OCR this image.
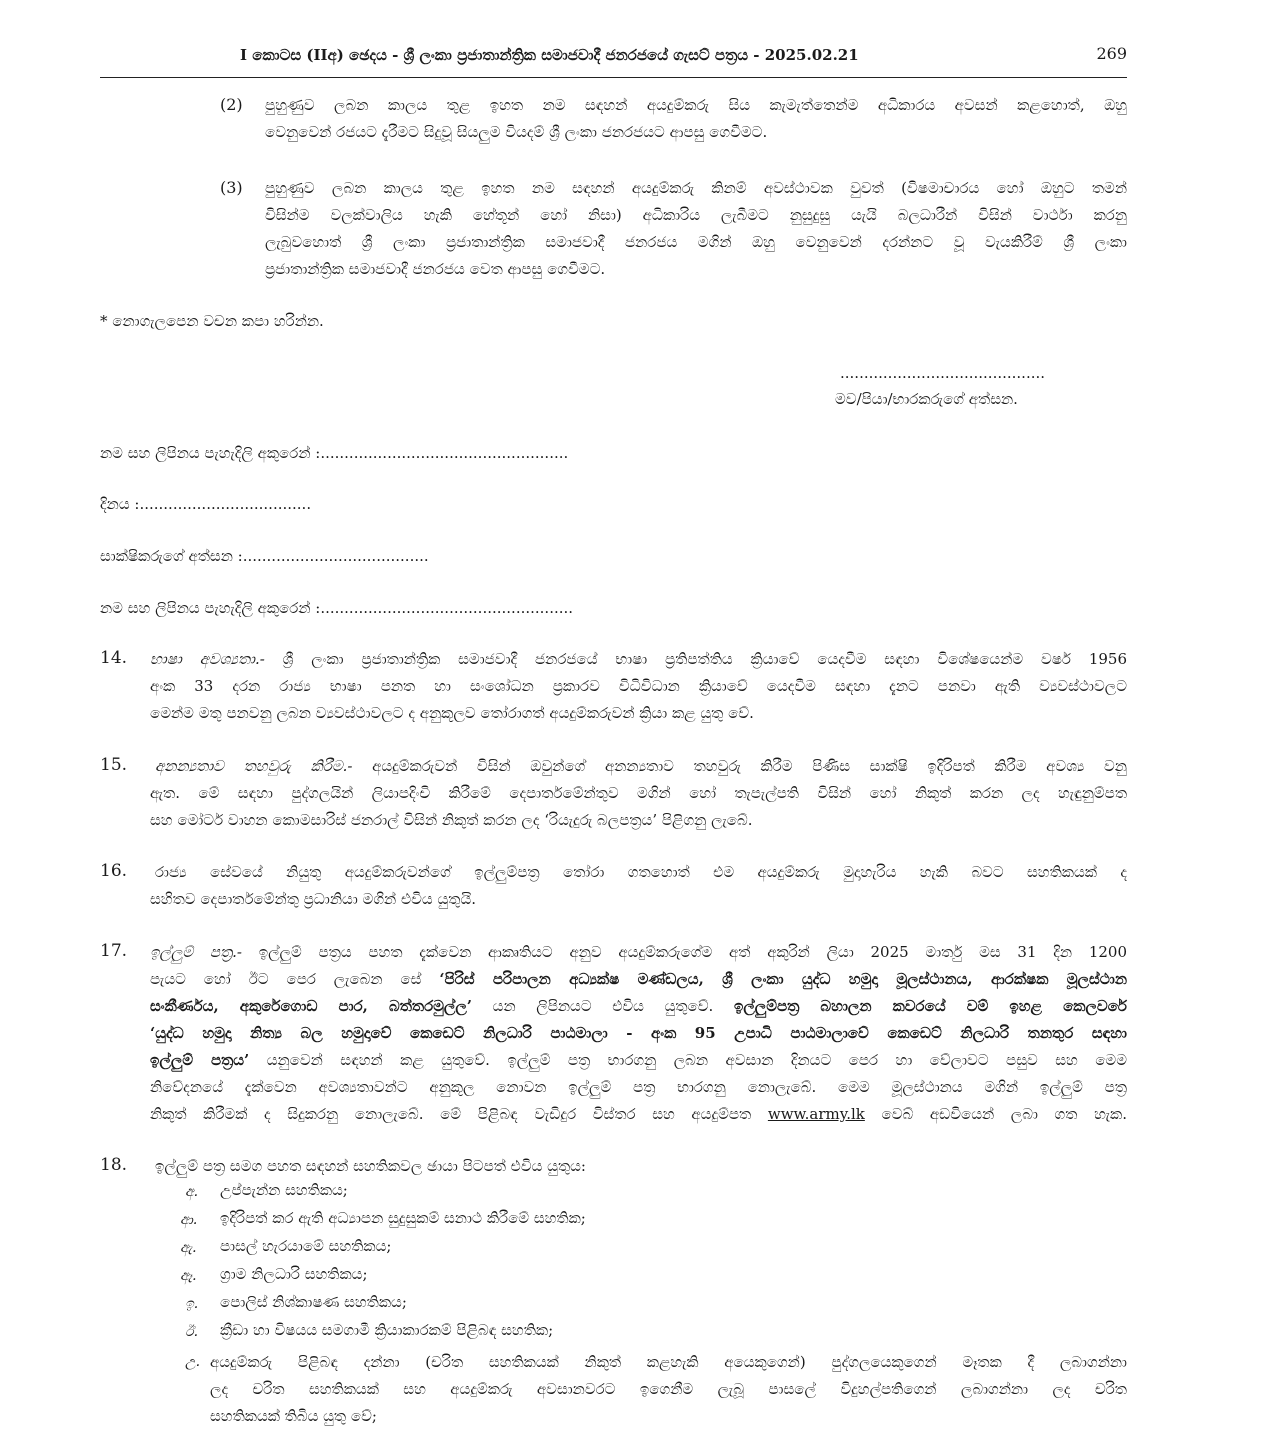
I කොටස (IIඅ) ඡෙදය - ශ්‍රී ලංකා ප්‍රජාතාන්ත්‍රික සමාජවාදී ජනරජයේ ගැසට් පත්‍රය - 2025.02.21	269
(2) පුහුණුව ලබන කාලය තුළ ඉහත නම සඳහන් අයදුම්කරු සිය කැමැත්තෙන්ම අධිකාරය අවසන් කළහොත්, ඔහු
වෙනුවෙන් රජයට දැරීමට සිදුවූ සියලුම වියදම් ශ්‍රී ලංකා ජනරජයට ආපසු ගෙවීමට.
(3) පුහුණුව ලබන කාලය තුළ ඉහත නම සඳහන් අයදුම්කරු කිනම් අවස්ථාවක වුවත් (විෂමාචාරය හෝ ඔහුට තමන්
විසින්ම වලක්වාලිය හැකි හේතූන් හෝ නිසා) අධිකාරිය ලැබීමට නුසුදුසු යැයි බලධාරීන් විසින් වාර්ථා කරනු
ලැබුවහොත් ශ්‍රී ලංකා ප්‍රජාතාන්ත්‍රික සමාජවාදී ජනරජය මගින් ඔහු වෙනුවෙන් දරන්නට වූ වැයකිරීම් ශ්‍රී ලංකා
ප්‍රජාතාන්ත්‍රික සමාජවාදී ජනරජය වෙත ආපසු ගෙවීමට.
* නොගැලපෙන වචන කපා හරින්න.
...........................................
මව/පියා/භාරකරුගේ අත්සන.
නම සහ ලිපිනය පැහැදිලි අකුරෙන් :....................................................
දිනය :....................................
සාක්ෂිකරුගේ අත්සන :.......................................
නම සහ ලිපිනය පැහැදිලි අකුරෙන් :.....................................................
14. භාෂා අවශ්‍යතා.- ශ්‍රී ලංකා ප්‍රජාතාන්ත්‍රික සමාජවාදී ජනරජයේ භාෂා ප්‍රතිපත්තිය ක්‍රියාවේ යෙදවීම සඳහා විශේෂයෙන්ම වර්ෂ 1956
අංක 33 දරන රාජ්‍ය භාෂා පනත හා සංශෝධන ප්‍රකාරව විධිවිධාන ක්‍රියාවේ යෙදවීම සඳහා දැනට පනවා ඇති ව්‍යවස්ථාවලට
මෙන්ම මතු පනවනු ලබන ව්‍යවස්ථාවලට ද අනුකූලව තෝරාගත් අයදුම්කරුවන් ක්‍රියා කළ යුතු වේ.
15. අනන්‍යතාව තහවුරු කිරීම.- අයදුම්කරුවන් විසින් ඔවුන්ගේ අනන්‍යතාව තහවුරු කිරීම පිණිස සාක්ෂි ඉදිරිපත් කිරීම අවශ්‍ය වනු
ඇත. මේ සඳහා පුද්ගලයින් ලියාපදිංචි කිරීමේ දෙපාර්තමේන්තුව මගින් හෝ තැපැල්පති විසින් හෝ නිකුත් කරන ලද හැඳුනුම්පත
සහ මෝටර් වාහන කොමසාරිස් ජනරාල් විසින් නිකුත් කරන ලද ‘රියැදුරු බලපත්‍රය’ පිළිගනු ලැබේ.
16. රාජ්‍ය සේවයේ නියුතු අයදුම්කරුවන්ගේ ඉල්ලුම්පත්‍ර තෝරා ගතහොත් එම අයදුම්කරු මුදාහැරිය හැකි බවට සහතිකයක් ද
සහිතව දෙපාර්තමේන්තු ප්‍රධානියා මගින් එවිය යුතුයි.
17. ඉල්ලුම් පත්‍ර.- ඉල්ලුම් පත්‍රය පහත දැක්වෙන ආකෘතියට අනුව අයදුම්කරුගේම අත් අකුරින් ලියා 2025 මාර්තු මස 31 දින 1200
පැයට හෝ ඊට පෙර ලැබෙන සේ ‘පිරිස් පරිපාලන අධ්‍යක්ෂ මණ්ඩලය, ශ්‍රී ලංකා යුද්ධ හමුදා මූලස්ථානය, ආරක්ෂක මූලස්ථාන
සංකීර්ණය, අකුරේගොඩ පාර, බත්තරමුල්ල’ යන ලිපිනයට එවිය යුතුවේ. ඉල්ලුම්පත්‍ර බහාලන කවරයේ වම් ඉහළ කෙලවරේ
‘යුද්ධ හමුදා නිත්‍ය බල හමුදාවේ කෙඩෙට් නිලධාරි පාඨමාලා - අංක 95 උපාධි පාඨමාලාවේ කෙඩෙට් නිලධාරි තනතුර සඳහා
ඉල්ලුම් පත්‍රය’ යනුවෙන් සඳහන් කළ යුතුවේ. ඉල්ලුම් පත්‍ර භාරගනු ලබන අවසාන දිනයට පෙර හා වේලාවට පසුව සහ මෙම
නිවේදනයේ දැක්වෙන අවශ්‍යතාවන්ට අනුකූල නොවන ඉල්ලුම් පත්‍ර භාරගනු නොලැබේ. මෙම මූලස්ථානය මගින් ඉල්ලුම් පත්‍ර
නිකුත් කිරීමක් ද සිදුකරනු නොලැබේ. මේ පිළිබඳ වැඩිදුර විස්තර සහ අයදුම්පත www.army.lk වෙබ් අඩවියෙන් ලබා ගත හැක.
18. ඉල්ලුම් පත්‍ර සමග පහත සඳහන් සහතිකවල ඡායා පිටපත් එවිය යුතුය:
අ. උප්පැන්න සහතිකය;
ආ. ඉදිරිපත් කර ඇති අධ්‍යාපන සුදුසුකම් සනාථ කිරීමේ සහතික;
ඇ. පාසල් හැරයාමේ සහතිකය;
ඈ. ග්‍රාම නිලධාරි සහතිකය;
ඉ. පොලිස් නිශ්කාෂණ සහතිකය;
ඊ. ක්‍රීඩා හා විෂයය සමගාමී ක්‍රියාකාරකම් පිළිබඳ සහතික;
උ. අයදුම්කරු පිළිබඳ දන්නා (චරිත සහතිකයක් නිකුත් කළහැකි අයෙකුගෙන්) පුද්ගලයෙකුගෙන් මෑතක දී ලබාගන්නා
ලද චරිත සහතිකයක් සහ අයදුම්කරු අවසානවරට ඉගෙනීම ලැබූ පාසලේ විදුහල්පතිගෙන් ලබාගන්නා ලද චරිත
සහතිකයක් තිබිය යුතු වේ;
